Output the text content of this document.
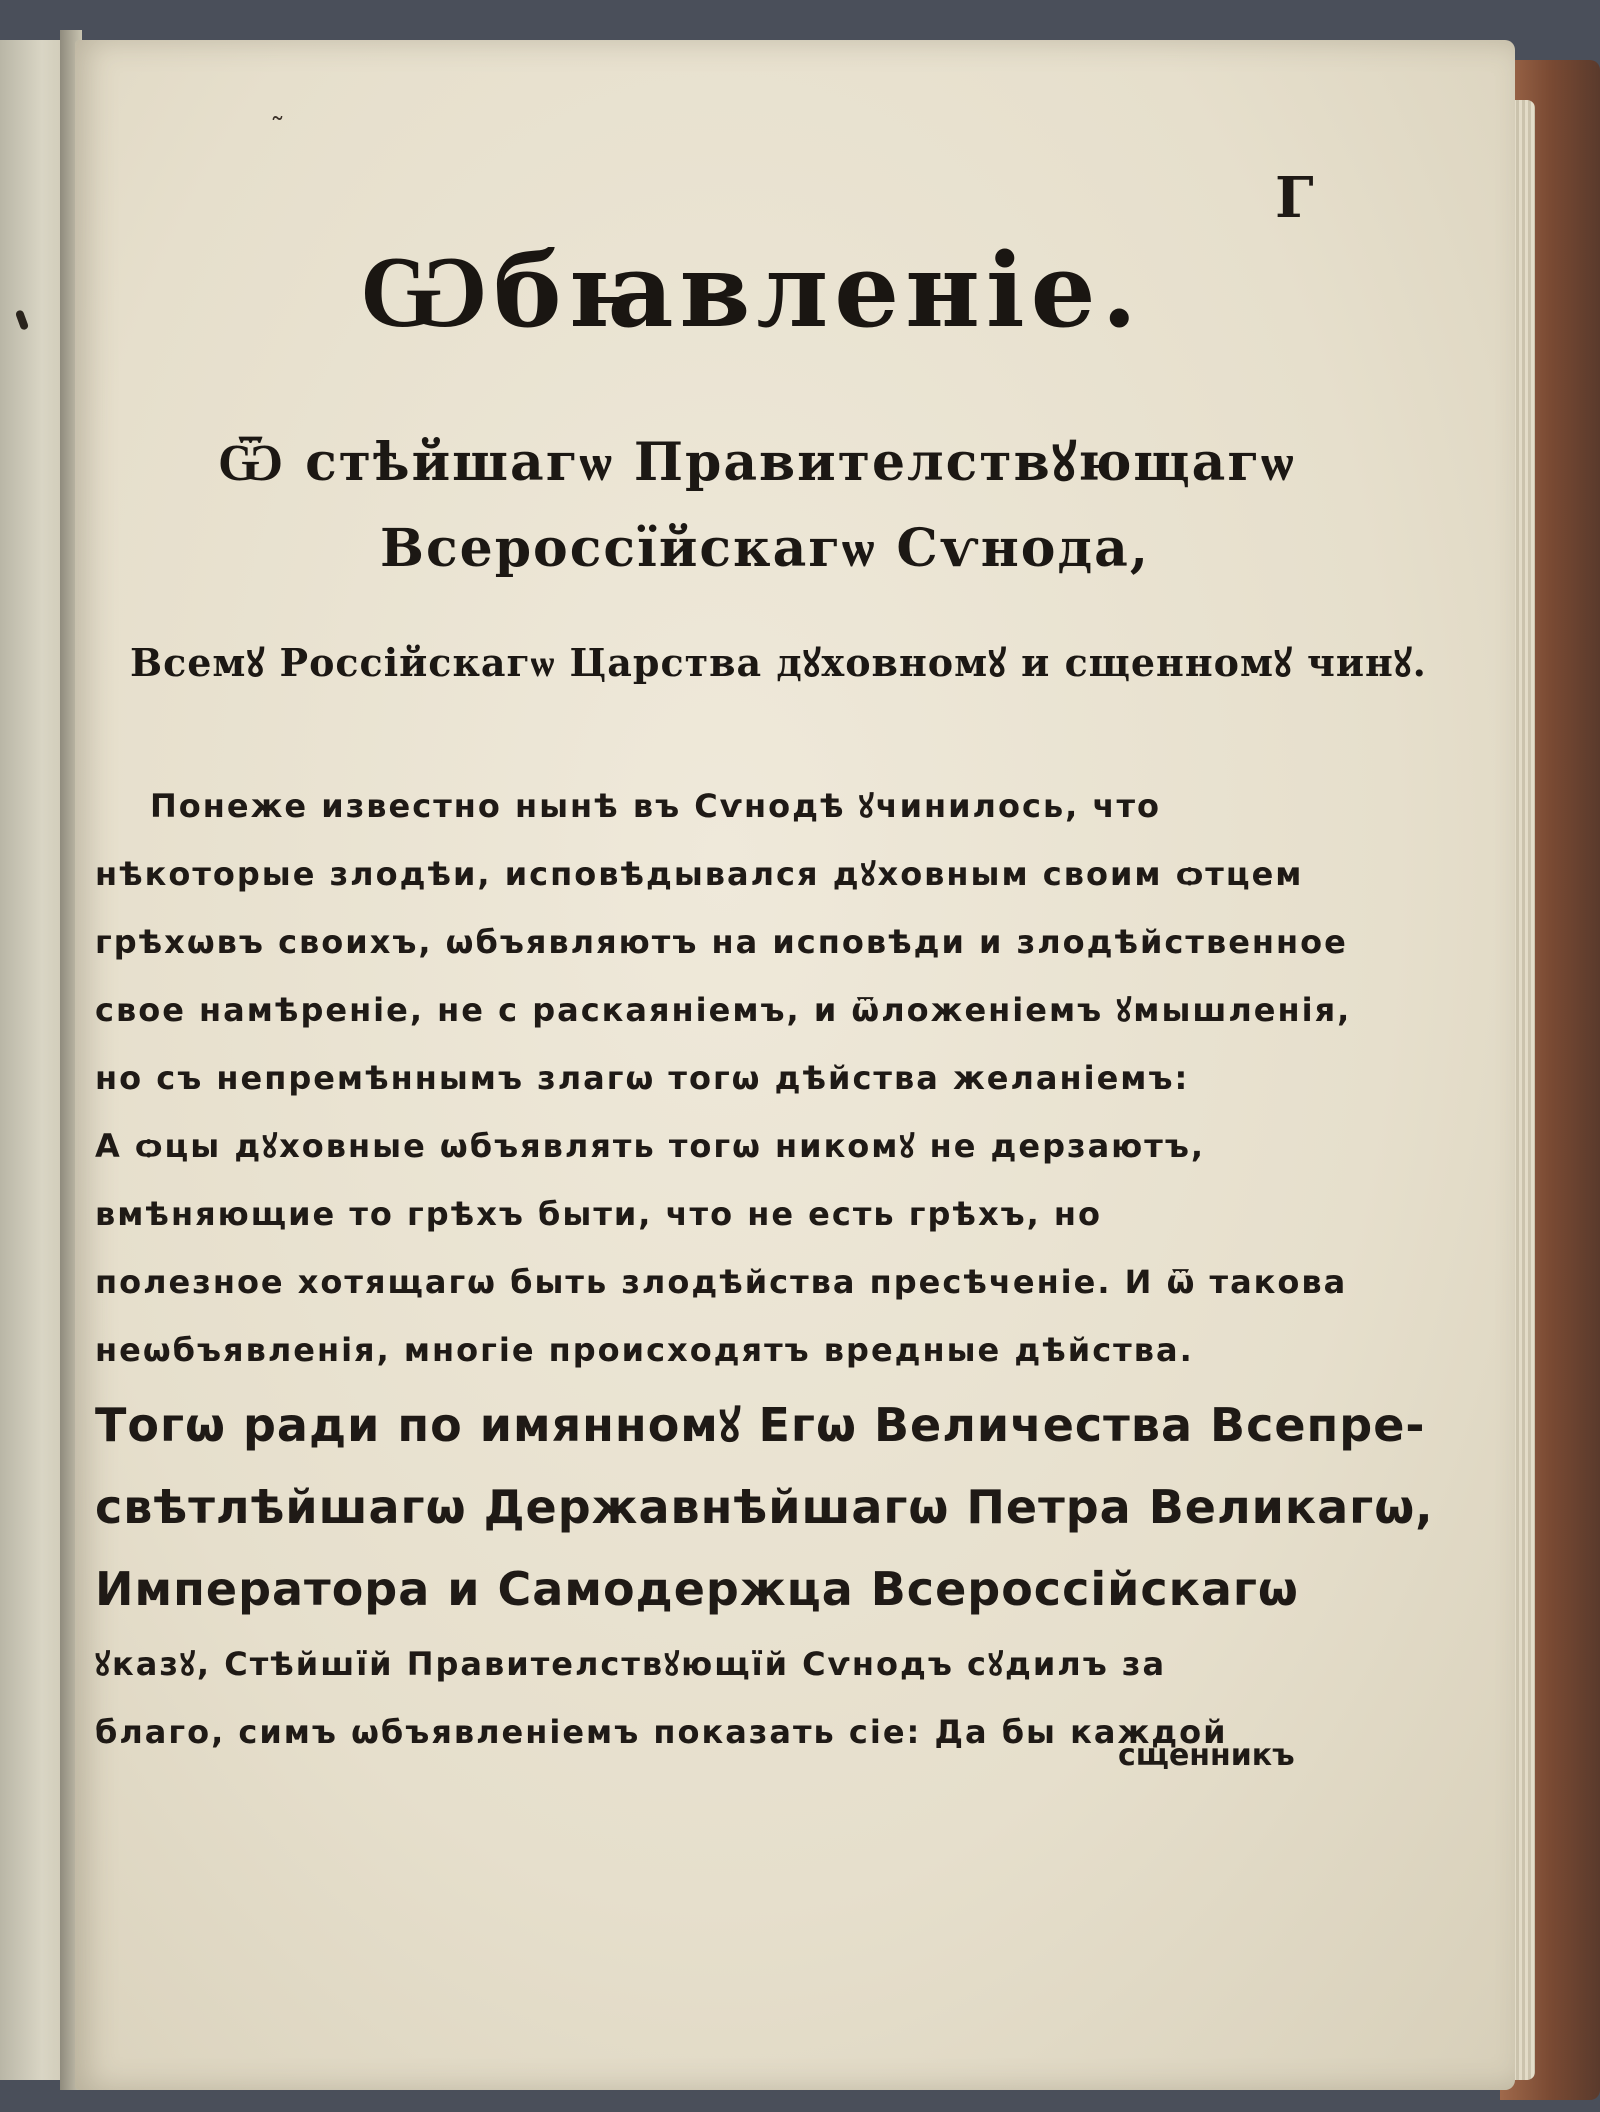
˜
Г
Ѡбꙗвленіе.
Ѿ стѣйшагѡ Правителствꙋющагѡ
Всероссїйскагѡ Сѵнода,
Всемꙋ Россійскагѡ Царства дꙋховномꙋ и сщенномꙋ чинꙋ.
Понеже известно нынѣ въ Сѵнодѣ ꙋчинилось, что
нѣкоторые злодѣи, исповѣдывался дꙋховным своим ѻтцем
грѣхѡвъ своихъ, ѡбъявляютъ на исповѣди и злодѣйственное
свое намѣреніе, не с раскаяніемъ, и ѿложеніемъ ꙋмышленія,
но съ непремѣннымъ злагѡ тогѡ дѣйства желаніемъ:
А ѻцы дꙋховные ѡбъявлять тогѡ никомꙋ не дерзаютъ,
вмѣняющие то грѣхъ быти, что не есть грѣхъ, но
полезное хотящагѡ быть злодѣйства пресѣченіе. И ѿ такова
неѡбъявленія, многіе происходятъ вредные дѣйства.
Тогѡ ради по имянномꙋ Егѡ Величества Всепре-
свѣтлѣйшагѡ Державнѣйшагѡ Петра Великагѡ,
Императора и Самодержца Всероссійскагѡ
ꙋказꙋ, Стѣйшїй Правителствꙋющїй Сѵнодъ сꙋдилъ за
благо, симъ ѡбъявленіемъ показать сіе: Да бы каждой
сщенникъ
